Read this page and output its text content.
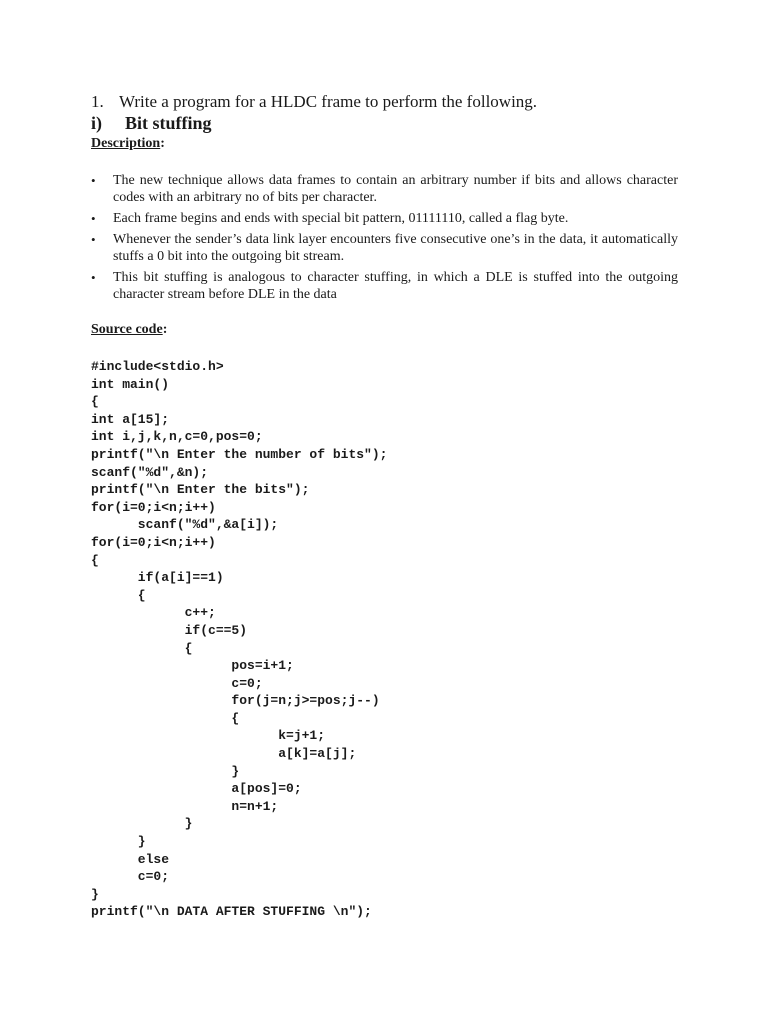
1. Write a program for a HLDC frame to perform the following.
i) Bit stuffing
Description:
• The new technique allows data frames to contain an arbitrary number if bits and allows character codes with an arbitrary no of bits per character.
• Each frame begins and ends with special bit pattern, 01111110, called a flag byte.
• Whenever the sender’s data link layer encounters five consecutive one’s in the data, it automatically stuffs a 0 bit into the outgoing bit stream.
• This bit stuffing is analogous to character stuffing, in which a DLE is stuffed into the outgoing character stream before DLE in the data
Source code:
#include<stdio.h>
int main()
{
int a[15];
int i,j,k,n,c=0,pos=0;
printf("\n Enter the number of bits");
scanf("%d",&n);
printf("\n Enter the bits");
for(i=0;i<n;i++)
scanf("%d",&a[i]);
for(i=0;i<n;i++)
{
if(a[i]==1)
{
c++;
if(c==5)
{
pos=i+1;
c=0;
for(j=n;j>=pos;j--)
{
k=j+1;
a[k]=a[j];
}
a[pos]=0;
n=n+1;
}
}
else
c=0;
}
printf("\n DATA AFTER STUFFING \n");
